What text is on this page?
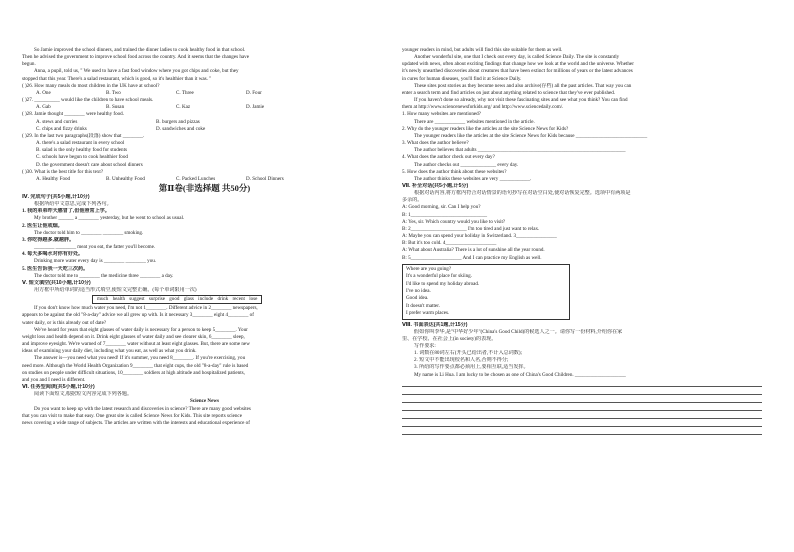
So Jamie improved the school dinners, and trained the dinner ladies to cook healthy food in that school.
Then he advised the government to improve school food across the country. And it seems that the changes have
begun.
Anna, a pupil, told us, " We used to have a fast food window where you got chips and coke, but they
stopped that this year. There's a salad restaurant, which is good, so it's healthier than it was. "
( )26. How many meals do most children in the UK have at school?
A. One	B. Two	C. Three	D. Four
( )27. __________ would like the children to have school meals.
A. Gab	B. Susan	C. Kaz	D. Jamie
( )28. Jamie thought ________ were healthy food.
A. stews and curries	B. burgers and pizzas
C. chips and fizzy drinks	D. sandwiches and coke
( )29. In the last two paragraphs(段落) show that ________.
A. there's a salad restaurant in every school
B. salad is the only healthy food for students
C. schools have begun to cook healthier food
D. the government doesn't care about school dinners
( )30. What is the best title for this text?
A. Healthy Food	B. Unhealthy Food	C. Packed Lunches	D. School Dinners
第Ⅱ卷(非选择题 共50分)
Ⅳ. 完成句子(共5小题,计10分)
根据所给中文意思,完成下列各句。
1. 我的弟弟昨天感冒了,但他照常上学。
My brother ______ a ________ yesterday, but he went to school as usual.
2. 医生让他戒烟。
The doctor told him to ________ ________ smoking.
3. 你吃得越多,就越胖。
________ ________ meat you eat, the fatter you'll become.
4. 每天多喝水对你有好处。
Drinking more water every day is ________ ________ you.
5. 医生告诉我一天吃三次药。
The doctor told me to ________ the medicine three ________ a day.
Ⅴ. 短文填空(共10小题,计10分)
用方框中所给单词的适当形式填空,使短文完整正确。(每个单词限用一次)
much health suggest surprise good glass include drink recent lose
If you don't know how much water you need, I'm not 1________. Different advice in 2________ newspapers,
appears to be against the old "8-a-day" advice we all grew up with. Is it necessary 3________ eight 4________ of
water daily, or is this already out of date?
We've heard for years that eight glasses of water daily is necessary for a person to keep 5________. Your
weight loss and health depend on it. Drink eight glasses of water daily and see clearer skin, 6________ sleep,
and improve eyesight. We're warned of 7________ water without at least eight glasses. But, there are some new
ideas of examining your daily diet, including what you eat, as well as what you drink.
The answer is—you need what you need! If it's summer, you need 8________. If you're exercising, you
need more. Although the World Health Organization 9________ that eight cups, the old "8-a-day" rule is based
on studies on people under difficult situations, 10________ soldiers at high altitude and hospitalized patients,
and you and I need is different.
Ⅵ. 任务型阅读(共5小题,计10分)
阅读下面短文,根据短文内容完成下列各题。
Science News
Do you want to keep up with the latest research and discoveries in science? There are many good websites
that you can visit to make that easy. One great site is called Science News for Kids. This site reports science
news covering a wide range of subjects. The articles are written with the interests and educational experience of
younger readers in mind, but adults will find this site suitable for them as well.
Another wonderful site, one that I check out every day, is called Science Daily. The site is constantly
updated with news, often about exciting findings that change how we look at the world and the universe. Whether
it's newly unearthed discoveries about creatures that have been extinct for millions of years or the latest advances
in cures for human diseases, you'll find it at Science Daily.
These sites post stories as they become news and also archive(存档) all the past articles. That way you can
enter a search term and find articles on just about anything related to science that they've ever published.
If you haven't done so already, why not visit these fascinating sites and see what you think? You can find
them at http://www.sciencenewsforkids.org/ and http://www.sciencedaily.com/.
1. How many websites are mentioned?
There are ____________ websites mentioned in the article.
2. Why do the younger readers like the articles at the site Science News for Kids?
The younger readers like the articles at the site Science News for Kids because ____________________________
3. What does the author believe?
The author believes that adults __________________________________________________________
4. What does the author check out every day?
The author checks out ______________ every day.
5. How does the author think about these websites?
The author thinks these websites are very ____________.
Ⅶ. 补全对话(共5小题,计5分)
根据对话内容,将方框内符合对话情景的语句抄写在对话空白处,使对话恢复完整。选项中有两项是
多余的。
A: Good morning, sir. Can I help you?
B: 1______________________________
A: Yes, sir. Which country would you like to visit?
B: 2______________________ I'm too tired and just want to relax.
A: Maybe you can spend your holiday in Switzerland. 3________________
B: But it's too cold. 4____________________
A: What about Australia? There is a lot of sunshine all the year round.
B: 5____________________ And I can practice my English as well.
Where are you going?
It's a wonderful place for skiing.
I'd like to spend my holiday abroad.
I've no idea.
Good idea.
It doesn't matter.
I prefer warm places.
Ⅷ. 书面表达(共1题,计15分)
假如你叫李华,是"中华好少年"(China's Good Child)的候选人之一。请你写一份材料,介绍你在家
里、在学校、在社会上(in society)的表现。
写作要求:
1. 词数在80词左右(开头已给出者,不计入总词数);
2. 短文中不能出现校名和人名,否则不得分;
3. 所给的写作要点都必须用上,要相互联,适当发挥。
My name is Li Hua. I am lucky to be chosen as one of China's Good Children. ____________________
